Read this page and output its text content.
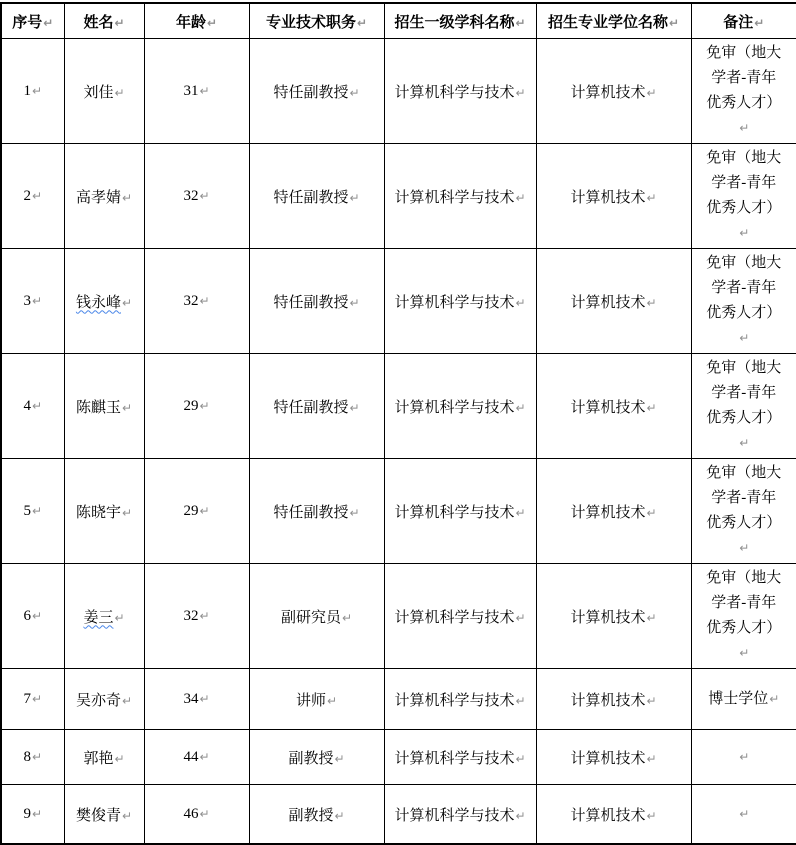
序号↵	姓名↵	年龄↵	专业技术职务↵	招生一级学科名称↵	招生专业学位名称↵	备注↵
1↵	刘佳↵	31↵	特任副教授↵	计算机科学与技术↵	计算机技术↵	免审（地大学者-青年优秀人才）↵
2↵	高孝婧↵	32↵	特任副教授↵	计算机科学与技术↵	计算机技术↵	免审（地大学者-青年优秀人才）↵
3↵	钱永峰↵	32↵	特任副教授↵	计算机科学与技术↵	计算机技术↵	免审（地大学者-青年优秀人才）↵
4↵	陈麒玉↵	29↵	特任副教授↵	计算机科学与技术↵	计算机技术↵	免审（地大学者-青年优秀人才）↵
5↵	陈晓宇↵	29↵	特任副教授↵	计算机科学与技术↵	计算机技术↵	免审（地大学者-青年优秀人才）↵
6↵	姜三↵	32↵	副研究员↵	计算机科学与技术↵	计算机技术↵	免审（地大学者-青年优秀人才）↵
7↵	吴亦奇↵	34↵	讲师↵	计算机科学与技术↵	计算机技术↵	博士学位↵
8↵	郭艳↵	44↵	副教授↵	计算机科学与技术↵	计算机技术↵	↵
9↵	樊俊青↵	46↵	副教授↵	计算机科学与技术↵	计算机技术↵	↵
